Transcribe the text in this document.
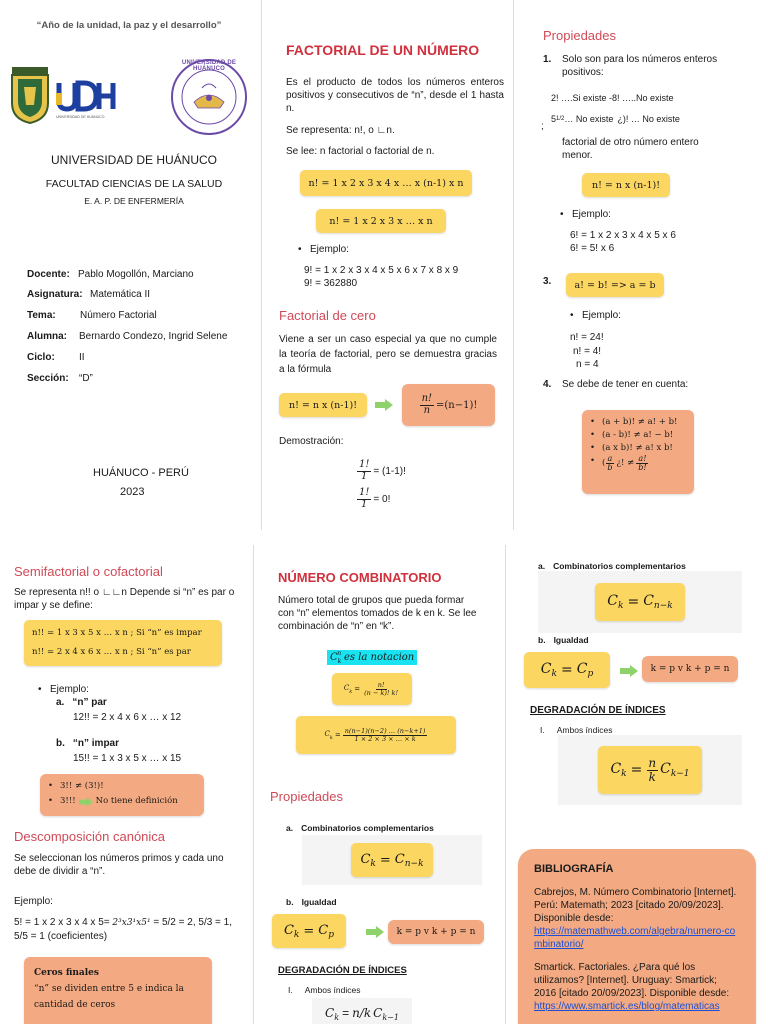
“Año de la unidad, la paz y el desarrollo”
UNIVERSIDAD DE HUÁNUCO
UNIVERSIDAD DE HUÁNUCO
UNIVERSIDAD DE HUÁNUCO
FACULTAD CIENCIAS DE LA SALUD
E. A. P. DE ENFERMERÍA
Docente: Pablo Mogollón, Marciano
Asignatura: Matemática II
Tema:	Número Factorial
Alumna:	Bernardo Condezo, Ingrid Selene
Ciclo:	II
Sección:	“D”
HUÁNUCO - PERÚ
2023
FACTORIAL DE UN NÚMERO
Es el producto de todos los números enteros positivos y consecutivos de “n”, desde el 1 hasta n.
Se representa: n!, o ∟n.
Se lee: n factorial o factorial de n.
n! = 1 x 2 x 3 x 4 x … x (n-1) x n
n! = 1 x 2 x 3 x … x n
• Ejemplo:
9! = 1 x 2 x 3 x 4 x 5 x 6 x 7 x 8 x 9
9! = 362880
Factorial de cero
Viene a ser un caso especial ya que no cumple la teoría de factorial, pero se demuestra gracias a la fórmula
n! = n x (n-1)!	$\frac{n!}{n} =(n-1)$!
Demostración:
$\frac{1!}{1} = (1-1)$!
$\frac{1!}{1} = 0$!
Propiedades
1. Solo son para los números enteros positivos:
2! ….Si existe -8! …..No existe
5 1/2 … No existe ¿)! … No existe
;
factorial de otro número entero menor.
n! = n x (n-1)!
• Ejemplo:
6! = 1 x 2 x 3 x 4 x 5 x 6
6! = 5! x 6
3.	a! = b! => a = b
• Ejemplo:
n! = 24!
n! = 4!
n = 4
4. Se debe de tener en cuenta:
• (a + b)! ≠ a! + b!
• (a - b)! ≠ a! − b!
• (a x b)! ≠ a! x b!
• ( $\frac{a}{b}$ ¿! ≠ $\frac{a!}{b!}$
Semifactorial o cofactorial
Se representa n!! o ∟∟n Depende si “n” es par o impar y se define:
n!! = 1 x 3 x 5 x … x n ; Si “n” es impar
n!! = 2 x 4 x 6 x … x n ; Si “n” es par
• Ejemplo:
a. “n” par
12!! = 2 x 4 x 6 x … x 12
b. “n” impar
15!! = 1 x 3 x 5 x … x 15
• 3!! ≠ (3!)!
• 3!!! No tiene definición
Descomposición canónica
Se seleccionan los números primos y cada uno debe de dividir a “n”.
Ejemplo:
5! = 1 x 2 x 3 x 4 x 5= 2³x3¹x5¹ = 5/2 = 2, 5/3 = 1, 5/5 = 1 (coeficientes)
Ceros finales
“n” se dividen entre 5 e indica la cantidad de ceros
NÚMERO COMBINATORIO
Número total de grupos que pueda formar con “n” elementos tomados de k en k. Se lee combinación de “n” en “k”.
$C_k^n$ es la notacion
$C_k = \frac{n!}{(n - k)! k!}$
$C_k = \frac{n(n-1)(n-2) \dots (n-k+1)}{1 \times 2 \times 3 \times \dots \times k}$
Propiedades
a. Combinatorios complementarios
$C_k = C_{n-k}$
b. Igualdad
$C_k = C_p$	k = p v k + p = n
DEGRADACIÓN DE ÍNDICES
I. Ambos índices
$C_k = n/k$ $C_{k-1}$
a. Combinatorios complementarios
$C_k = C_{n-k}$
b. Igualdad
$C_k = C_p$	k = p v k + p = n
DEGRADACIÓN DE ÍNDICES
I. Ambos índices
$C_k = \frac{n}{k} C_{k-1}$
BIBLIOGRAFÍA
Cabrejos, M. Número Combinatorio [Internet]. Perú: Matemath; 2023 [citado 20/09/2023]. Disponible desde:
https://matemathweb.com/algebra/numero-combinatorio/
Smartick. Factoriales. ¿Para qué los utilizamos? [Internet]. Uruguay: Smartick; 2016 [citado 20/09/2023]. Disponible desde:
https://www.smartick.es/blog/matematicas
